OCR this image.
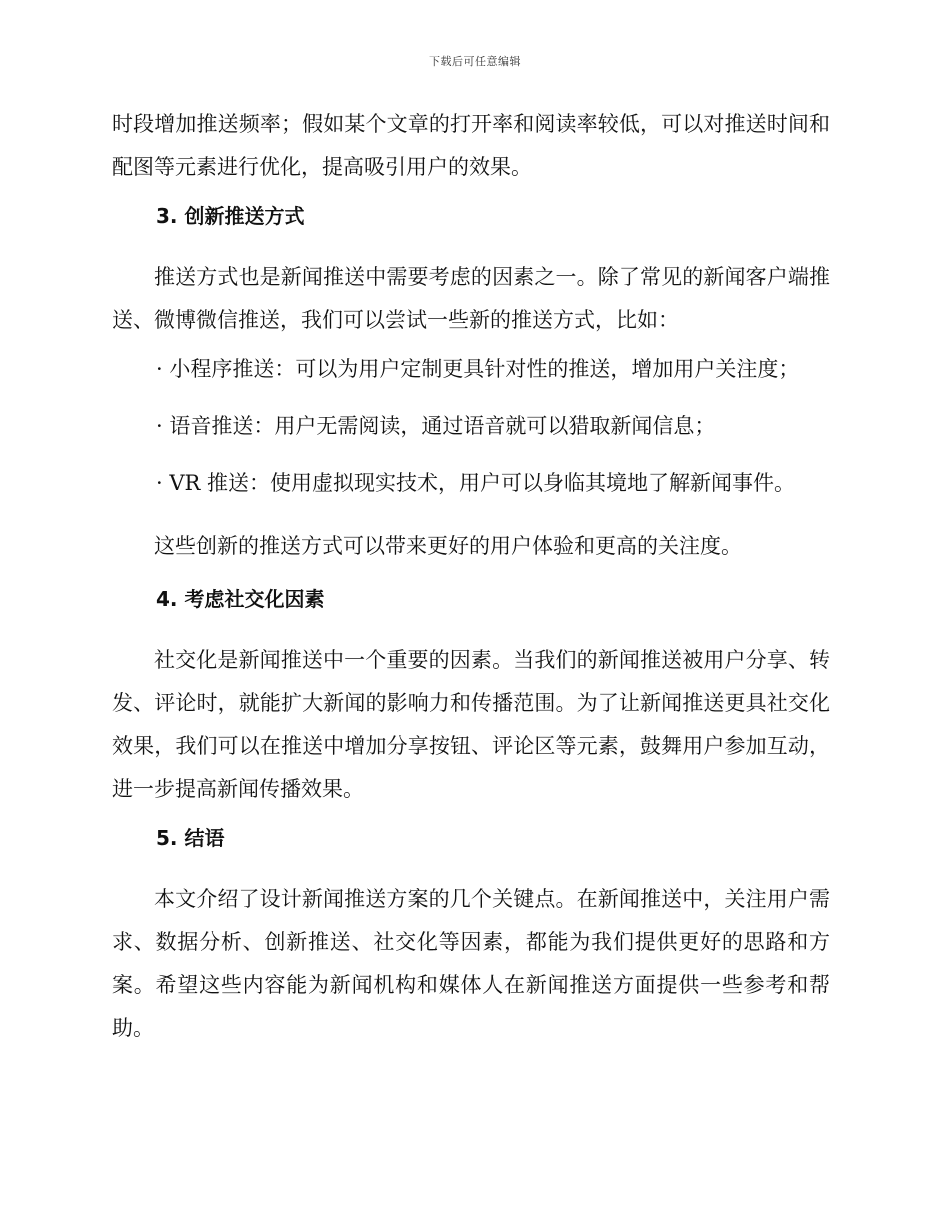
下载后可任意编辑

时段增加推送频率；假如某个文章的打开率和阅读率较低，可以对推送时间和配图等元素进行优化，提高吸引用户的效果。

3. 创新推送方式

推送方式也是新闻推送中需要考虑的因素之一。除了常见的新闻客户端推送、微博微信推送，我们可以尝试一些新的推送方式，比如：

· 小程序推送：可以为用户定制更具针对性的推送，增加用户关注度；
· 语音推送：用户无需阅读，通过语音就可以猎取新闻信息；
· VR 推送：使用虚拟现实技术，用户可以身临其境地了解新闻事件。

这些创新的推送方式可以带来更好的用户体验和更高的关注度。

4. 考虑社交化因素

社交化是新闻推送中一个重要的因素。当我们的新闻推送被用户分享、转发、评论时，就能扩大新闻的影响力和传播范围。为了让新闻推送更具社交化效果，我们可以在推送中增加分享按钮、评论区等元素，鼓舞用户参加互动，进一步提高新闻传播效果。

5. 结语

本文介绍了设计新闻推送方案的几个关键点。在新闻推送中，关注用户需求、数据分析、创新推送、社交化等因素，都能为我们提供更好的思路和方案。希望这些内容能为新闻机构和媒体人在新闻推送方面提供一些参考和帮助。
